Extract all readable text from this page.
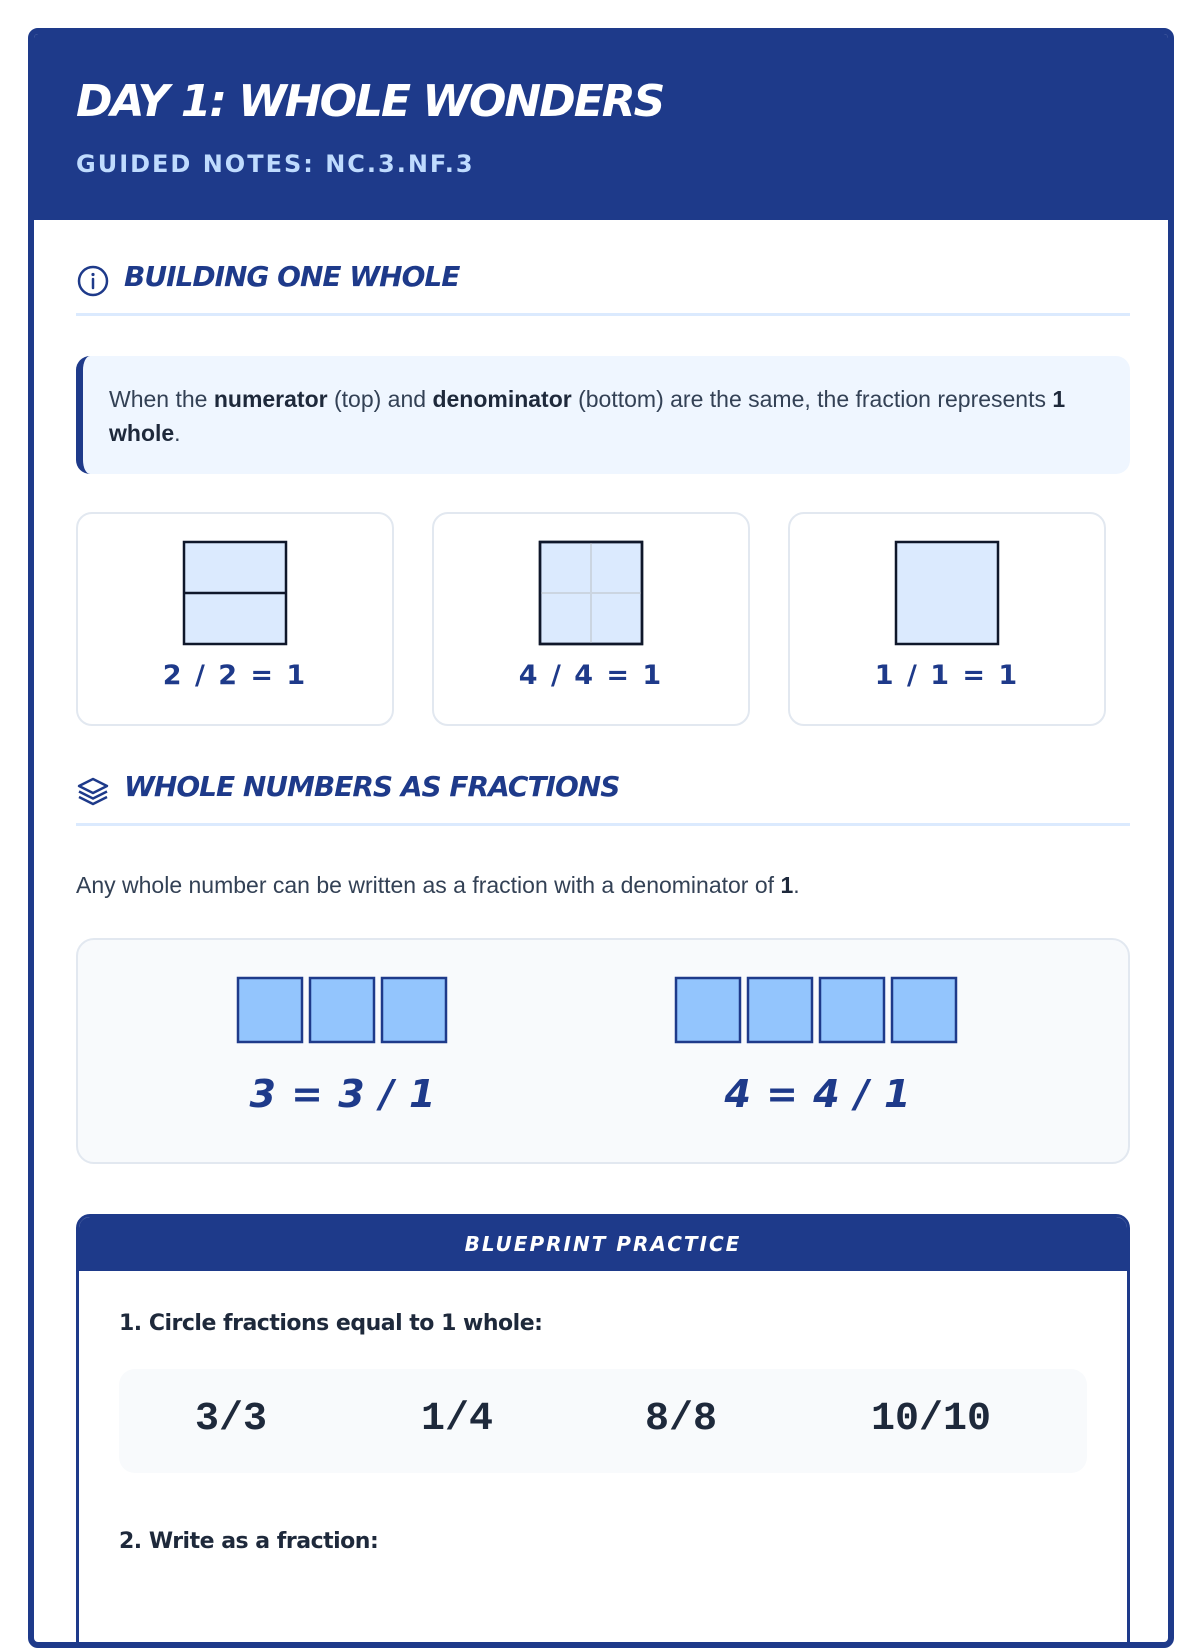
DAY 1: WHOLE WONDERS
GUIDED NOTES: NC.3.NF.3
BUILDING ONE WHOLE
When the numerator (top) and denominator (bottom) are the same, the fraction represents 1 whole.
2 / 2 = 1	4 / 4 = 1	1 / 1 = 1
WHOLE NUMBERS AS FRACTIONS
Any whole number can be written as a fraction with a denominator of 1.
3 = 3 / 1	4 = 4 / 1
BLUEPRINT PRACTICE
1. Circle fractions equal to 1 whole:
3/3	1/4	8/8	10/10
2. Write as a fraction:
